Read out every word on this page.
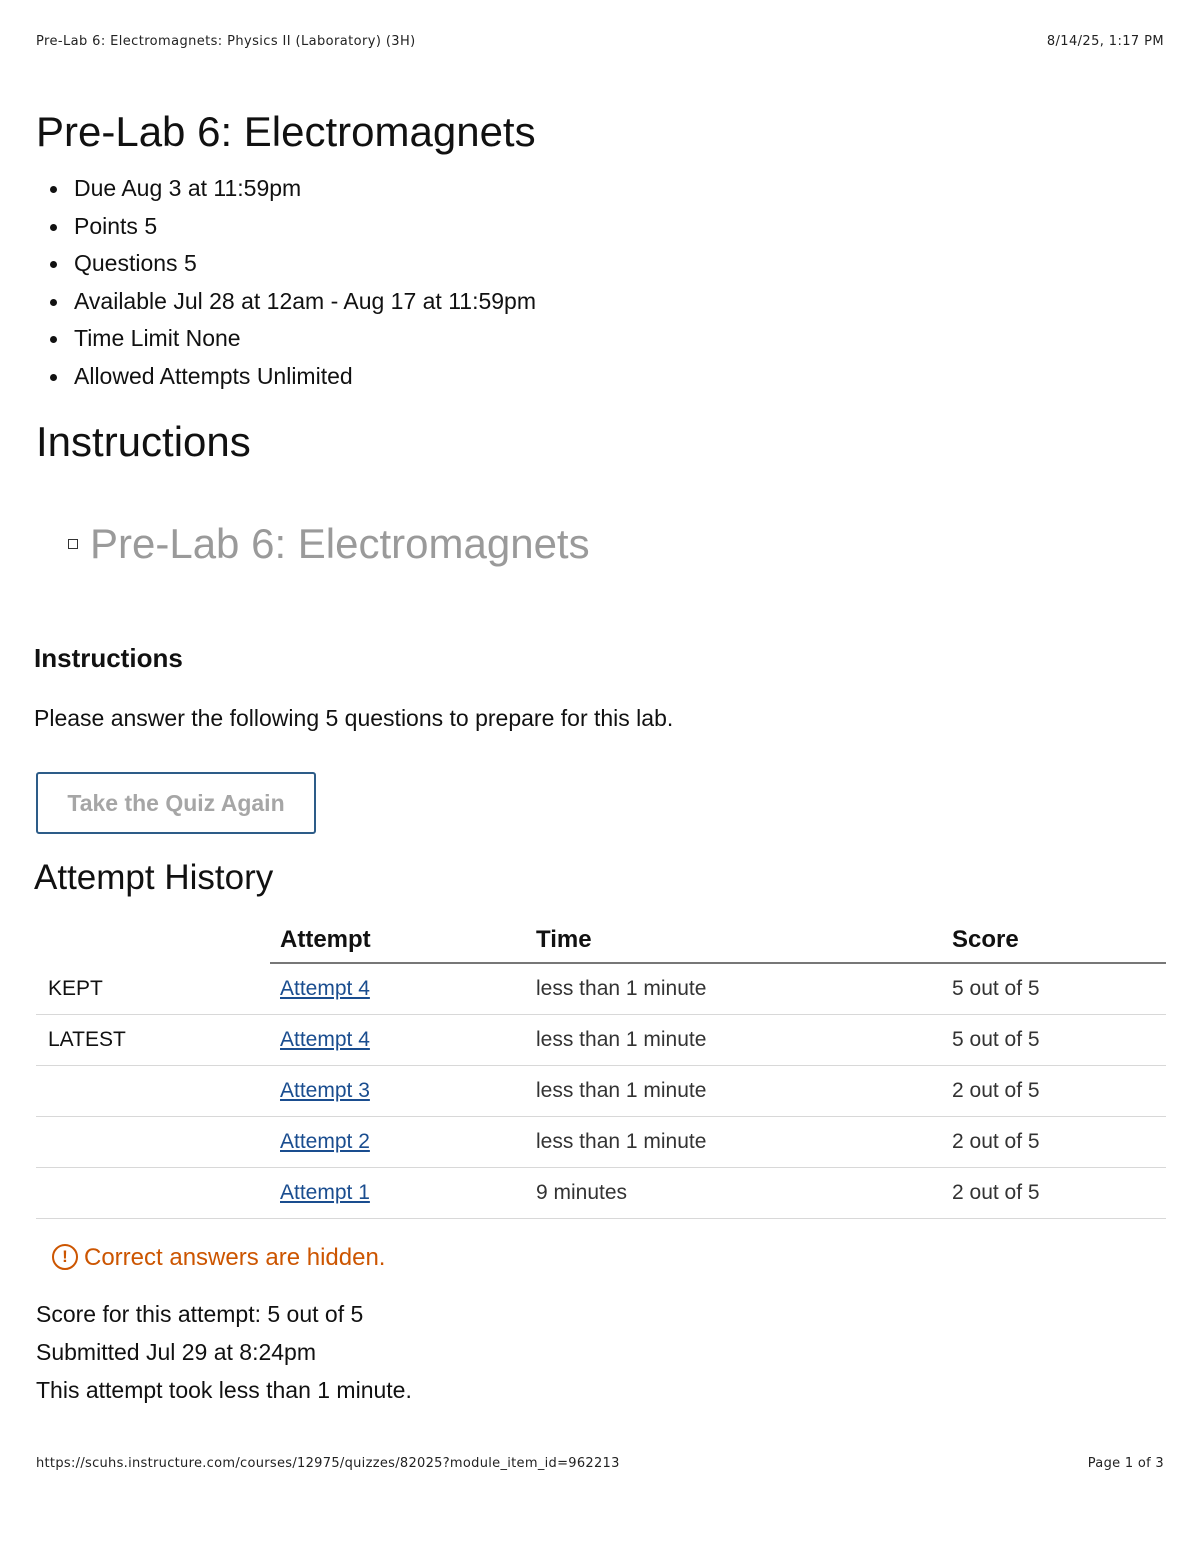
Pre-Lab 6: Electromagnets: Physics II (Laboratory) (3H)	8/14/25, 1:17 PM
Pre-Lab 6: Electromagnets
Due Aug 3 at 11:59pm
Points 5
Questions 5
Available Jul 28 at 12am - Aug 17 at 11:59pm
Time Limit None
Allowed Attempts Unlimited
Instructions
Pre-Lab 6: Electromagnets
Instructions
Please answer the following 5 questions to prepare for this lab.
Take the Quiz Again
Attempt History
	Attempt	Time	Score
KEPT	Attempt 4	less than 1 minute	5 out of 5
LATEST	Attempt 4	less than 1 minute	5 out of 5
	Attempt 3	less than 1 minute	2 out of 5
	Attempt 2	less than 1 minute	2 out of 5
	Attempt 1	9 minutes	2 out of 5
! Correct answers are hidden.
Score for this attempt: 5 out of 5
Submitted Jul 29 at 8:24pm
This attempt took less than 1 minute.
https://scuhs.instructure.com/courses/12975/quizzes/82025?module_item_id=962213	Page 1 of 3
